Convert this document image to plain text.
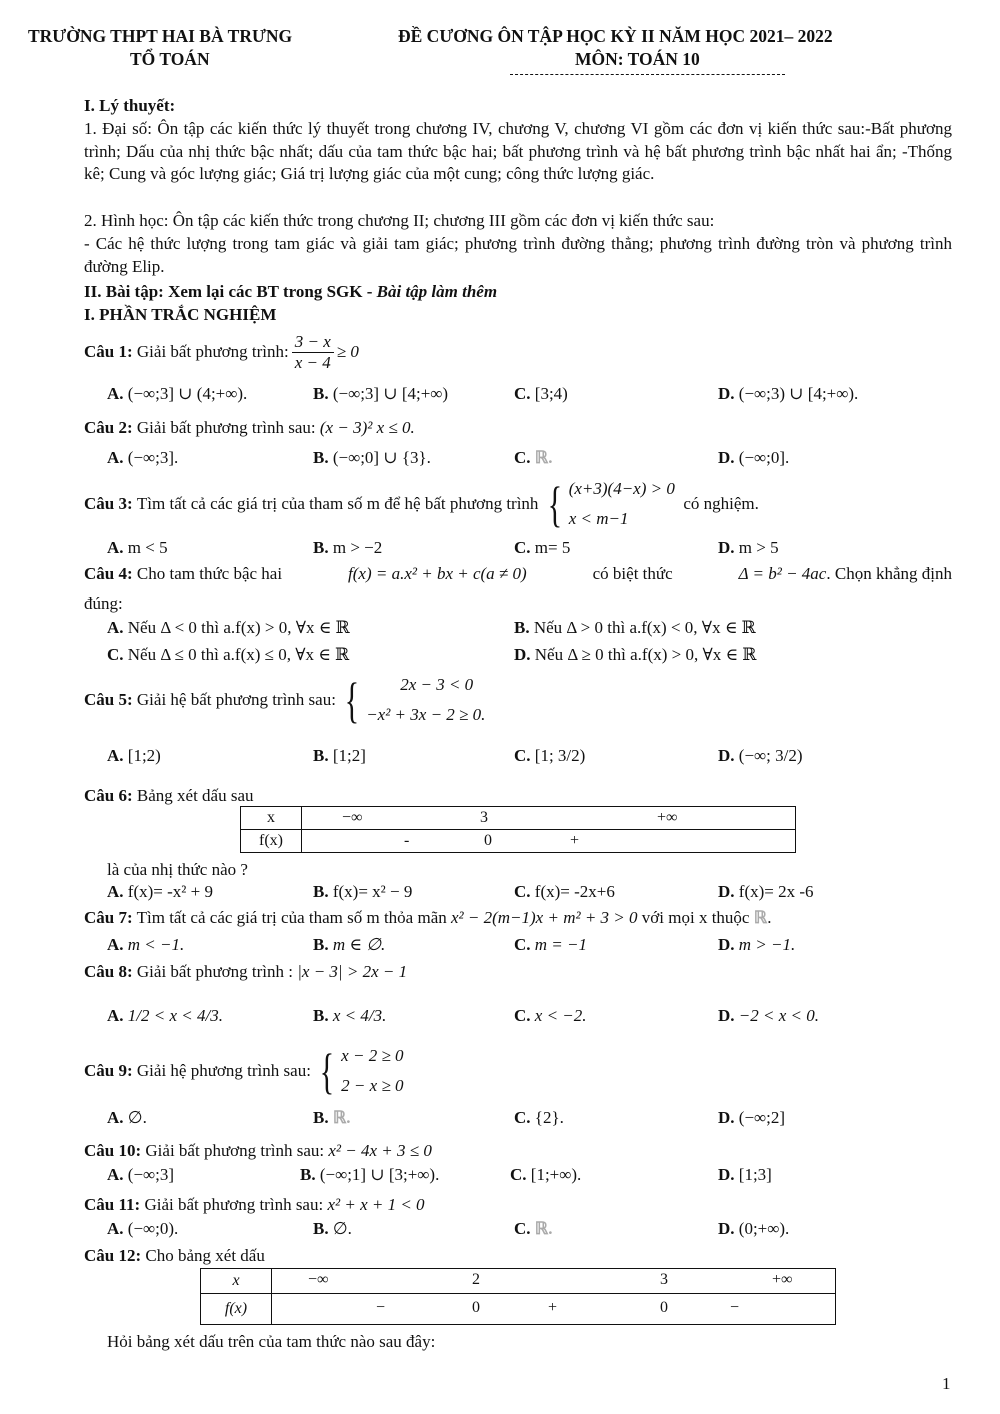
TRƯỜNG THPT HAI BÀ TRƯNG
TỔ TOÁN
ĐỀ CƯƠNG ÔN TẬP HỌC KỲ II NĂM HỌC 2021– 2022
MÔN: TOÁN 10
I. Lý thuyết:
1. Đại số: Ôn tập các kiến thức lý thuyết trong chương IV, chương V, chương VI gồm các đơn vị kiến thức sau:-Bất phương trình; Dấu của nhị thức bậc nhất; dấu của tam thức bậc hai; bất phương trình và hệ bất phương trình bậc nhất hai ẩn; -Thống kê; Cung và góc lượng giác; Giá trị lượng giác của một cung; công thức lượng giác.
2. Hình học: Ôn tập các kiến thức trong chương II; chương III gồm các đơn vị kiến thức sau:
- Các hệ thức lượng trong tam giác và giải tam giác; phương trình đường thẳng; phương trình đường tròn và phương trình đường Elip.
II. Bài tập: Xem lại các BT trong SGK - Bài tập làm thêm
I. PHẦN TRẮC NGHIỆM
Câu 1:
Giải bất phương trình: $\frac{3 - x}{x - 4} \ge 0$
A. (−∞;3] ∪ (4;+∞).	B. (−∞;3] ∪ [4;+∞)	C. [3;4)	D. (−∞;3) ∪ [4;+∞).
Câu 2: Giải bất phương trình sau: (x − 3)² x ≤ 0.
A. (−∞;3].	B. (−∞;0] ∪ {3}.	C. ℝ.	D. (−∞;0].
Câu 3:
Tìm tất cả các giá trị của tham số m để hệ bất phương trình
{ (x+3)(4−x) > 0
x < m−1

có nghiệm.
A. m < 5	B. m > −2	C. m= 5	D. m > 5
Câu 4: Cho tam thức bậc hai	f(x) = a.x² + bx + c(a ≠ 0)	có biệt thức	Δ = b² − 4ac. Chọn khẳng định
đúng:
A. Nếu Δ < 0 thì a.f(x) > 0, ∀x ∈ ℝ	B. Nếu Δ > 0 thì a.f(x) < 0, ∀x ∈ ℝ
C. Nếu Δ ≤ 0 thì a.f(x) ≤ 0, ∀x ∈ ℝ	D. Nếu Δ ≥ 0 thì a.f(x) > 0, ∀x ∈ ℝ
Câu 5:
Giải hệ bất phương trình sau:
{	2x − 3 < 0
−x² + 3x − 2 ≥ 0.
A. [1;2)	B. [1;2]	C. [1; 3/2)	D. (−∞; 3/2)
Câu 6: Bảng xét dấu sau
x	−∞ 3 +∞

f(x)	- 0 +
là của nhị thức nào ?
A. f(x)= -x² + 9	B. f(x)= x² − 9	C. f(x)= -2x+6	D. f(x)= 2x -6
Câu 7: Tìm tất cả các giá trị của tham số m thỏa mãn x² − 2(m−1)x + m² + 3 > 0 với mọi x thuộc ℝ.
A. m < −1.	B. m ∈ ∅.	C. m = −1	D. m > −1.
Câu 8: Giải bất phương trình : |x − 3| > 2x − 1
A. 1/2 < x < 4/3.	B. x < 4/3.	C. x < −2.	D. −2 < x < 0.
Câu 9:
Giải hệ phương trình sau:
{ x − 2 ≥ 0
2 − x ≥ 0
A. ∅.	B. ℝ.	C. {2}.	D. (−∞;2]
Câu 10: Giải bất phương trình sau: x² − 4x + 3 ≤ 0
A. (−∞;3]	B. (−∞;1] ∪ [3;+∞).	C. [1;+∞).	D. [1;3]
Câu 11: Giải bất phương trình sau: x² + x + 1 < 0
A. (−∞;0).	B. ∅.	C. ℝ.	D. (0;+∞).
Câu 12: Cho bảng xét dấu
x	−∞ 2 3 +∞

f(x)	− 0 + 0 −
Hỏi bảng xét dấu trên của tam thức nào sau đây:
1
